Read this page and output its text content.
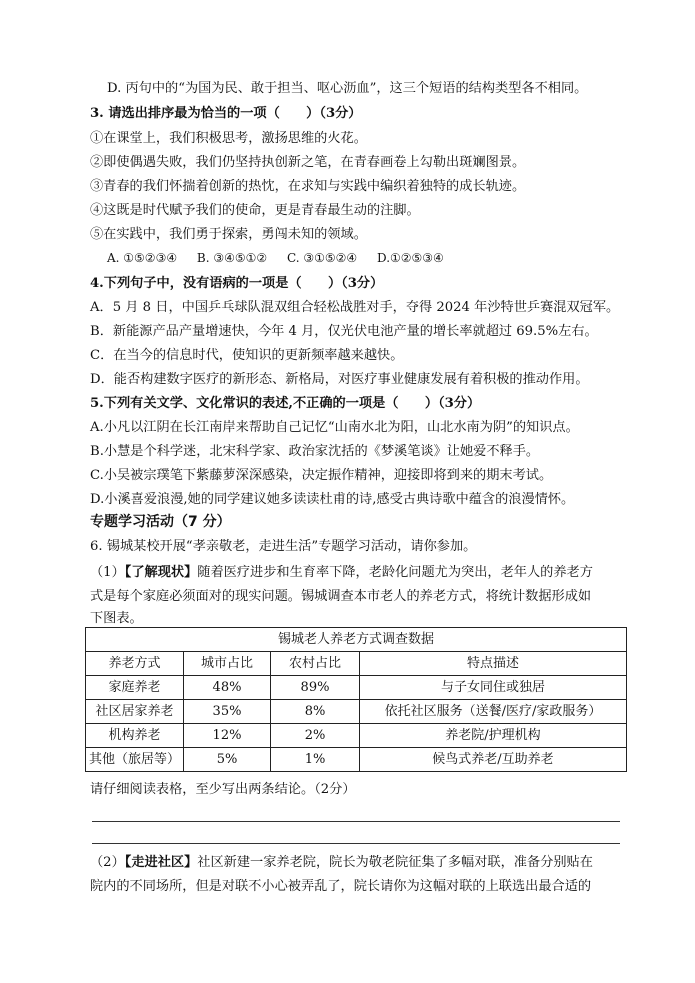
D. 丙句中的“为国为民、敢于担当、呕心沥血”，这三个短语的结构类型各不相同。
3. 请选出排序最为恰当的一项（　　）（3分）
①在课堂上，我们积极思考，激扬思维的火花。
②即使偶遇失败，我们仍坚持执创新之笔，在青春画卷上勾勒出斑斓图景。
③青春的我们怀揣着创新的热忱，在求知与实践中编织着独特的成长轨迹。
④这既是时代赋予我们的使命，更是青春最生动的注脚。
⑤在实践中，我们勇于探索，勇闯未知的领域。
A. ①⑤②③④ B. ③④⑤①② C. ③①⑤②④ D.①②⑤③④
4.下列句子中，没有语病的一项是（　　）（3分）
A．5 月 8 日，中国乒乓球队混双组合轻松战胜对手，夺得 2024 年沙特世乒赛混双冠军。
B．新能源产品产量增速快，今年 4 月，仅光伏电池产量的增长率就超过 69.5%左右。
C．在当今的信息时代，使知识的更新频率越来越快。
D．能否构建数字医疗的新形态、新格局，对医疗事业健康发展有着积极的推动作用。
5.下列有关文学、文化常识的表述,不正确的一项是（　　）（3分）
A.小凡以江阴在长江南岸来帮助自己记忆“山南水北为阳，山北水南为阴”的知识点。
B.小慧是个科学迷，北宋科学家、政治家沈括的《梦溪笔谈》让她爱不释手。
C.小吴被宗璞笔下紫藤萝深深感染，决定振作精神，迎接即将到来的期末考试。
D.小溪喜爱浪漫,她的同学建议她多读读杜甫的诗,感受古典诗歌中蕴含的浪漫情怀。
专题学习活动（7 分）
6. 锡城某校开展“孝亲敬老，走进生活”专题学习活动，请你参加。
（1）【了解现状】随着医疗进步和生育率下降，老龄化问题尤为突出，老年人的养老方
式是每个家庭必须面对的现实问题。锡城调查本市老人的养老方式，将统计数据形成如
下图表。
锡城老人养老方式调查数据			
养老方式	城市占比	农村占比	特点描述
家庭养老	48%	89%	与子女同住或独居
社区居家养老	35%	8%	依托社区服务（送餐/医疗/家政服务）
机构养老	12%	2%	养老院/护理机构
其他（旅居等）	5%	1%	候鸟式养老/互助养老
请仔细阅读表格，至少写出两条结论。（2分）
（2）【走进社区】社区新建一家养老院，院长为敬老院征集了多幅对联，准备分别贴在
院内的不同场所，但是对联不小心被弄乱了，院长请你为这幅对联的上联选出最合适的
